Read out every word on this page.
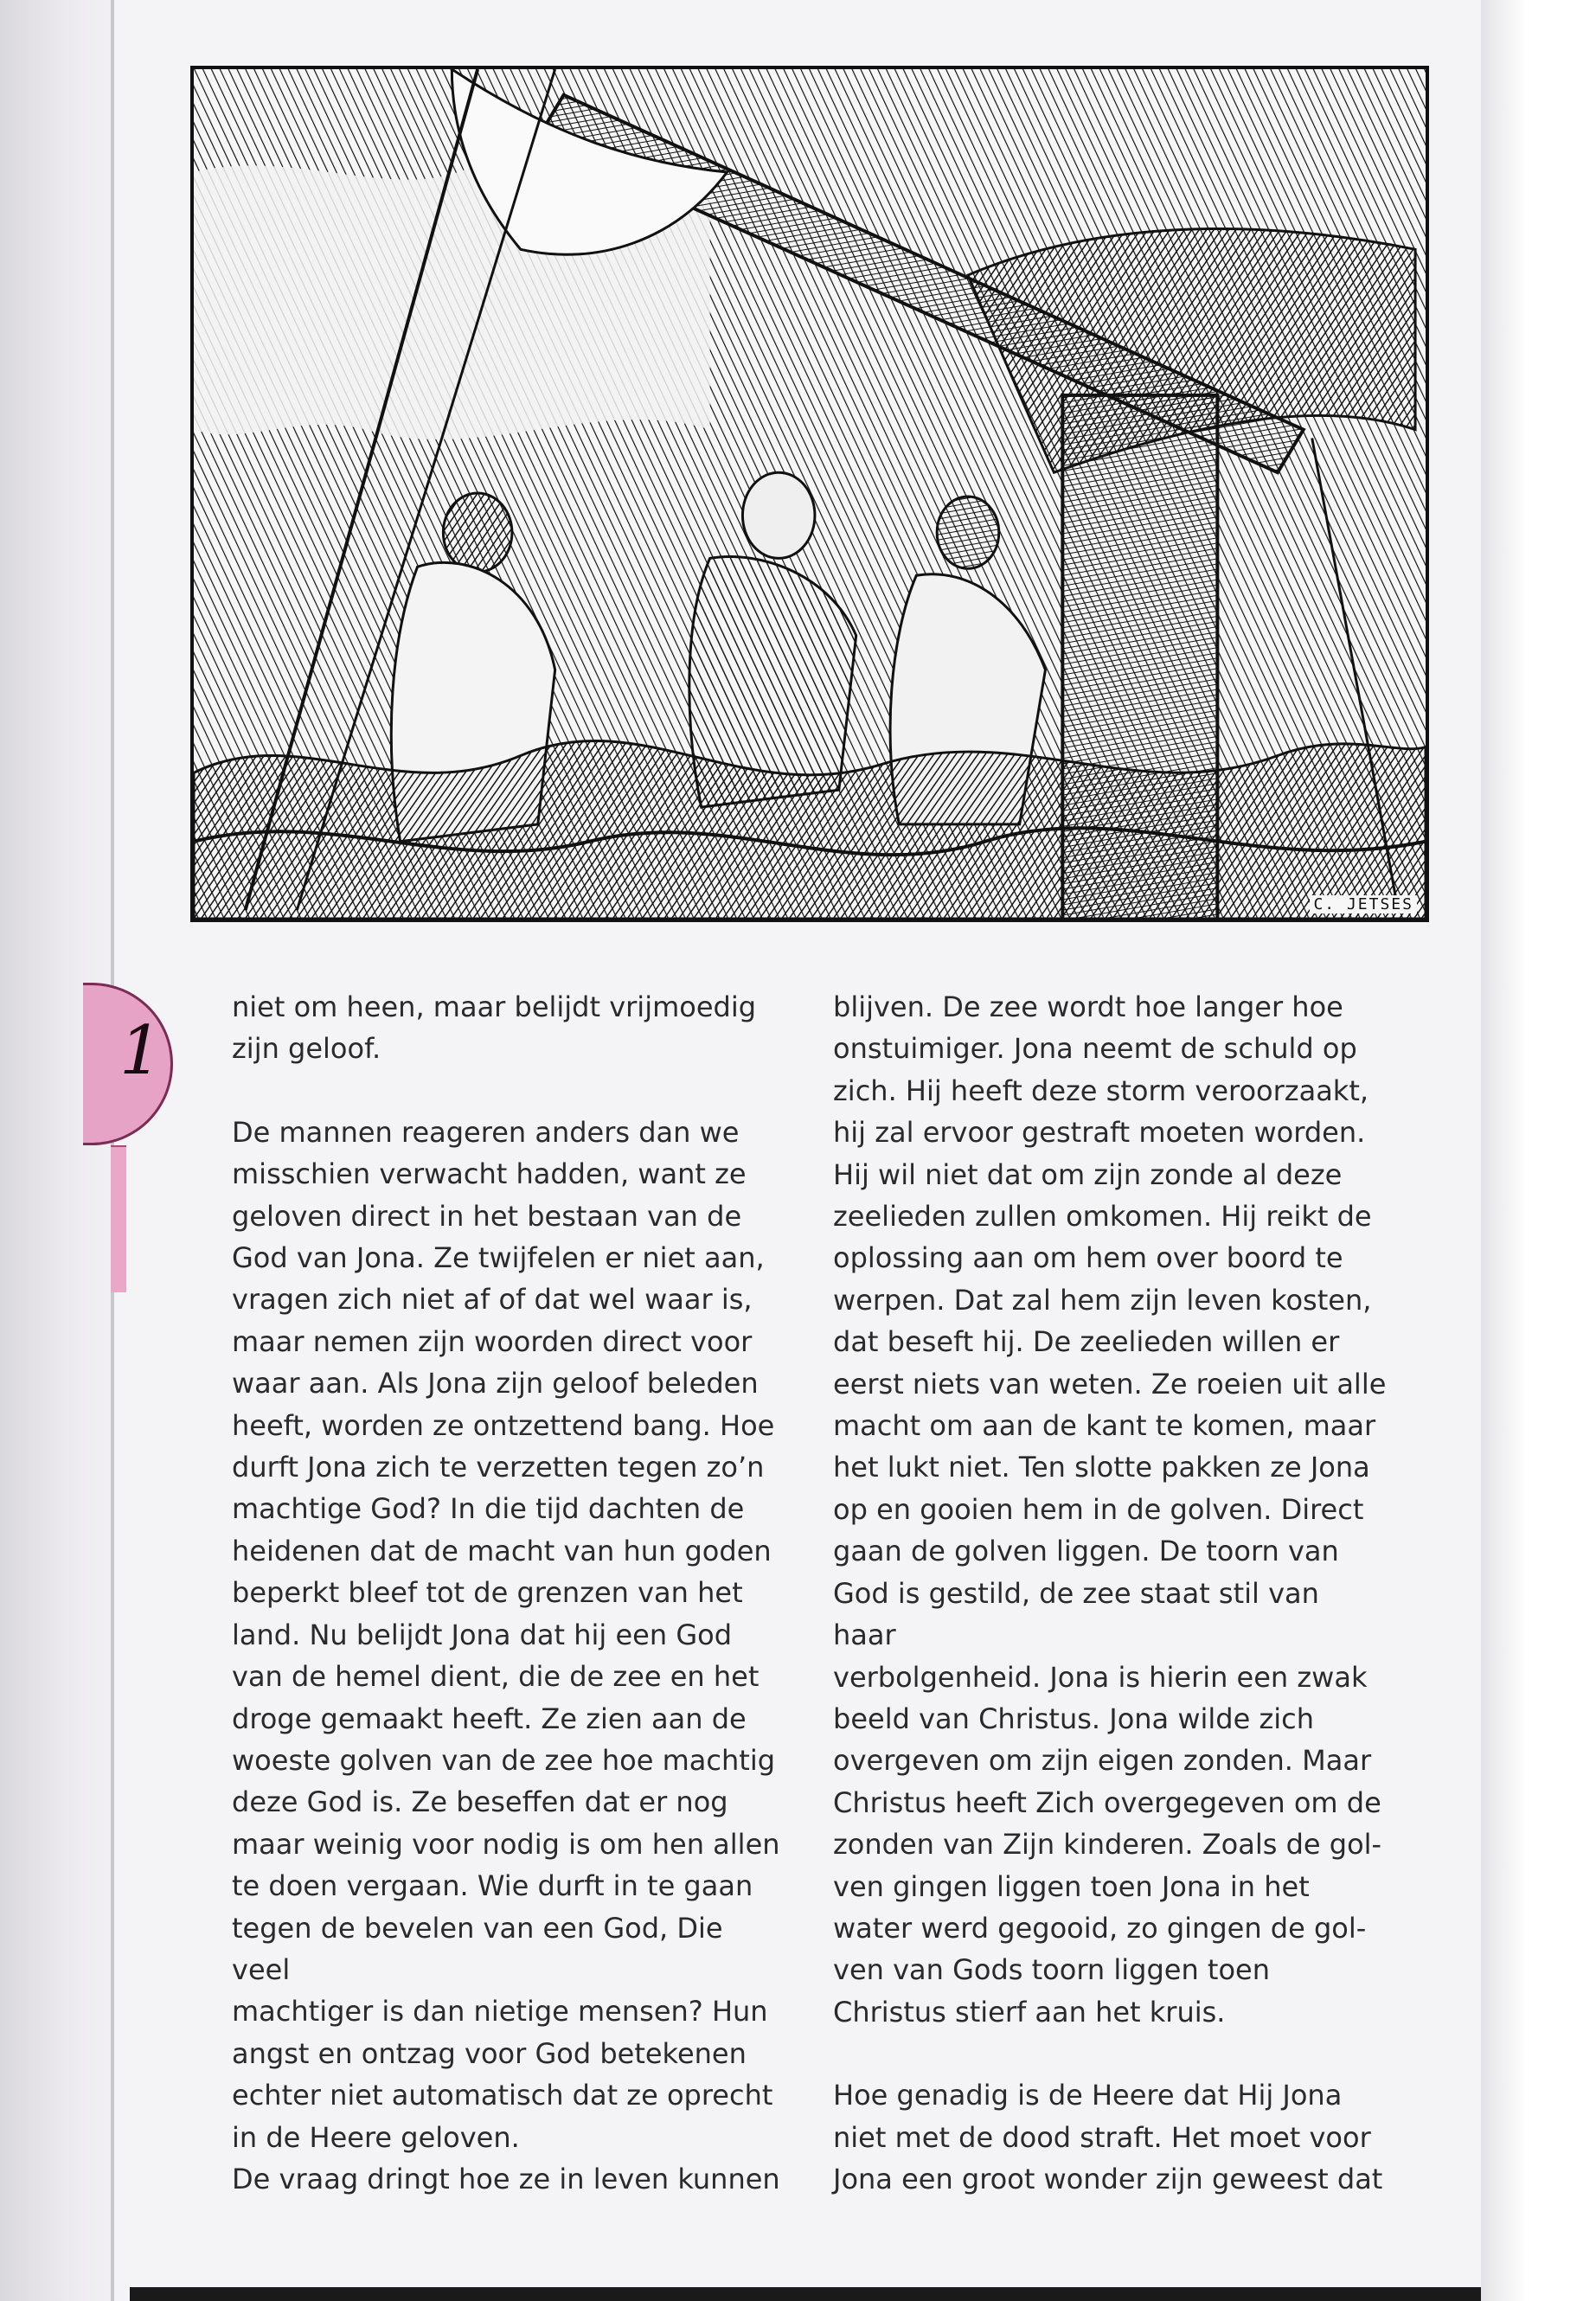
C. JETSES
1

niet om heen, maar belijdt vrijmoedig
zijn geloof.

De mannen reageren anders dan we
misschien verwacht hadden, want ze
geloven direct in het bestaan van de
God van Jona. Ze twijfelen er niet aan,
vragen zich niet af of dat wel waar is,
maar nemen zijn woorden direct voor
waar aan. Als Jona zijn geloof beleden
heeft, worden ze ontzettend bang. Hoe
durft Jona zich te verzetten tegen zo’n
machtige God? In die tijd dachten de
heidenen dat de macht van hun goden
beperkt bleef tot de grenzen van het
land. Nu belijdt Jona dat hij een God
van de hemel dient, die de zee en het
droge gemaakt heeft. Ze zien aan de
woeste golven van de zee hoe machtig
deze God is. Ze beseffen dat er nog
maar weinig voor nodig is om hen allen
te doen vergaan. Wie durft in te gaan
tegen de bevelen van een God, Die veel
machtiger is dan nietige mensen? Hun
angst en ontzag voor God betekenen
echter niet automatisch dat ze oprecht
in de Heere geloven.

De vraag dringt hoe ze in leven kunnen

blijven. De zee wordt hoe langer hoe
onstuimiger. Jona neemt de schuld op
zich. Hij heeft deze storm veroorzaakt,
hij zal ervoor gestraft moeten worden.
Hij wil niet dat om zijn zonde al deze
zeelieden zullen omkomen. Hij reikt de
oplossing aan om hem over boord te
werpen. Dat zal hem zijn leven kosten,
dat beseft hij. De zeelieden willen er
eerst niets van weten. Ze roeien uit alle
macht om aan de kant te komen, maar
het lukt niet. Ten slotte pakken ze Jona
op en gooien hem in de golven. Direct
gaan de golven liggen. De toorn van
God is gestild, de zee staat stil van haar
verbolgenheid. Jona is hierin een zwak
beeld van Christus. Jona wilde zich
overgeven om zijn eigen zonden. Maar
Christus heeft Zich overgegeven om de
zonden van Zijn kinderen. Zoals de gol-
ven gingen liggen toen Jona in het
water werd gegooid, zo gingen de gol-
ven van Gods toorn liggen toen
Christus stierf aan het kruis.

Hoe genadig is de Heere dat Hij Jona
niet met de dood straft. Het moet voor
Jona een groot wonder zijn geweest dat
